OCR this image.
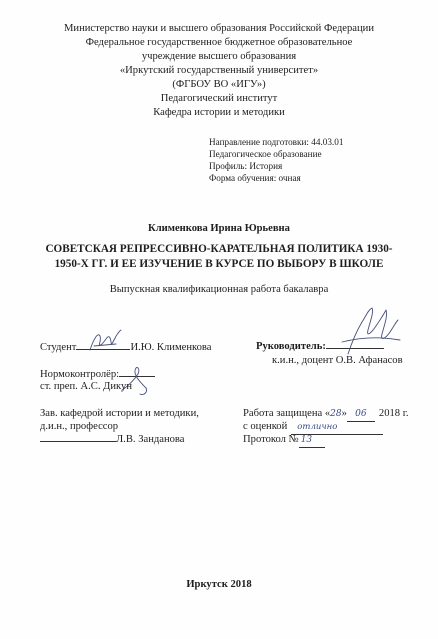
Министерство науки и высшего образования Российской Федерации
Федеральное государственное бюджетное образовательное
учреждение высшего образования
«Иркутский государственный университет»
(ФГБОУ ВО «ИГУ»)
Педагогический институт
Кафедра истории и методики
Направление подготовки: 44.03.01
Педагогическое образование
Профиль: История
Форма обучения: очная
Клименкова Ирина Юрьевна
СОВЕТСКАЯ РЕПРЕССИВНО-КАРАТЕЛЬНАЯ ПОЛИТИКА 1930-
1950-Х ГГ. И ЕЕ ИЗУЧЕНИЕ В КУРСЕ ПО ВЫБОРУ В ШКОЛЕ
Выпускная квалификационная работа бакалавра
Студент	И.Ю. Клименкова	Руководитель:
к.и.н., доцент О.В. Афанасов
Нормоконтролёр:
ст. преп. А.С. Дикун
Зав. кафедрой истории и методики,
д.и.н., профессор
Л.В. Занданова
Работа защищена «28» 06 2018 г.
с оценкой отлично
Протокол № 13
Иркутск 2018
